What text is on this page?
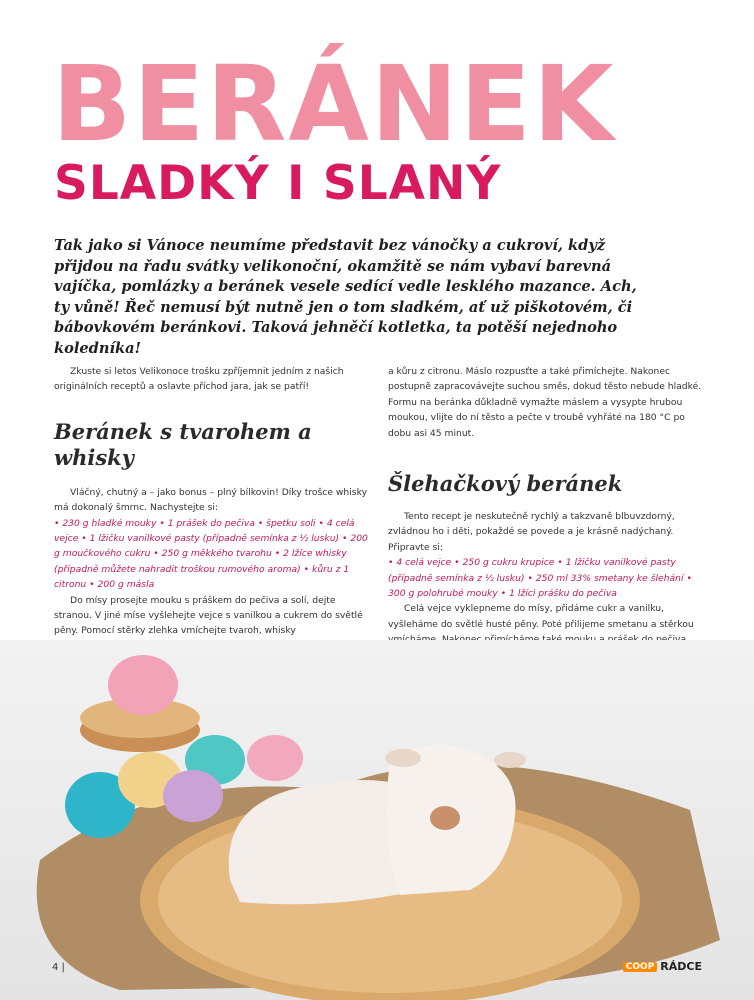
BERÁNEK
SLADKÝ I SLANÝ
Tak jako si Vánoce neumíme představit bez vánočky a cukroví, když přijdou na řadu svátky velikonoční, okamžitě se nám vybaví barevná vajíčka, pomlázky a beránek vesele sedící vedle lesklého mazance. Ach, ty vůně! Řeč nemusí být nutně jen o tom sladkém, ať už piškotovém, či bábovkovém beránkovi. Taková jehněčí kotletka, ta potěší nejednoho koledníka!

Zkuste si letos Velikonoce trošku zpříjemnit jedním z našich originálních receptů a oslavte příchod jara, jak se patří!

Beránek s tvarohem a whisky

Vláčný, chutný a – jako bonus – plný bílkovin! Díky trošce whisky má dokonalý šmrnc. Nachystejte si:

• 230 g hladké mouky • 1 prášek do pečiva • špetku soli • 4 celá vejce • 1 lžičku vanilkové pasty (případně semínka z ½ lusku) • 200 g moučkového cukru • 250 g měkkého tvarohu • 2 lžíce whisky (případně můžete nahradit troškou rumového aroma) • kůru z 1 citronu • 200 g másla

Do mísy prosejte mouku s práškem do pečiva a solí, dejte stranou. V jiné míse vyšlehejte vejce s vanilkou a cukrem do světlé pěny. Pomocí stěrky zlehka vmíchejte tvaroh, whisky

a kůru z citronu. Máslo rozpusťte a také přimíchejte. Nakonec postupně zapracovávejte suchou směs, dokud těsto nebude hladké. Formu na beránka důkladně vymažte máslem a vysypte hrubou moukou, vlijte do ní těsto a pečte v troubě vyhřáté na 180 °C po dobu asi 45 minut.

Šlehačkový beránek

Tento recept je neskutečně rychlý a takzvaně blbuvzdorný, zvládnou ho i děti, pokaždé se povede a je krásně nadýchaný. Připravte si:

• 4 celá vejce • 250 g cukru krupice • 1 lžičku vanilkové pasty (případně semínka z ½ lusku) • 250 ml 33% smetany ke šlehání • 300 g polohrubé mouky • 1 lžíci prášku do pečiva

Celá vejce vyklepneme do mísy, přidáme cukr a vanilku, vyšleháme do světlé husté pěny. Poté přilijeme smetanu a stěrkou

4 |	COOP RÁDCE
